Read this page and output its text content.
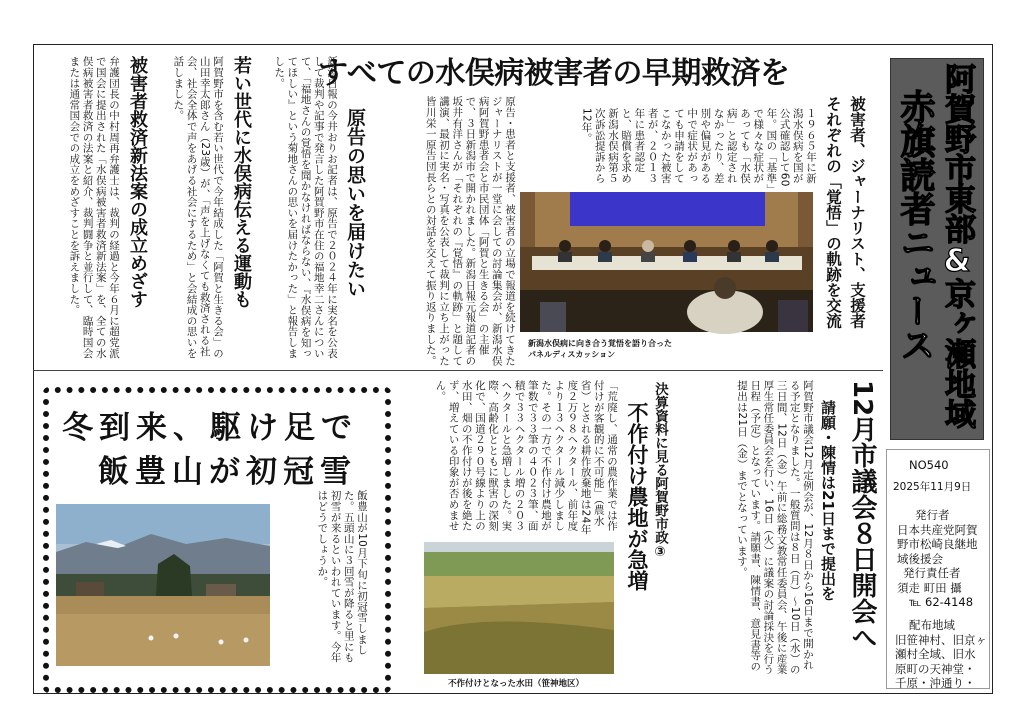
阿賀野市東部&京ヶ瀬地域
赤旗読者ニュース
NO540
2025年11月9日
発行者
日本共産党阿賀
野市松崎良継地
域後援会
発行責任者
須走 町田 攝
℡ 62-4148
配布地域
旧笹神村、旧京ヶ
瀬村全域、旧水
原町の天神堂・
千原・沖通り・
すべての水俣病被害者の早期救済を
被害者、ジャーナリスト、支援者
それぞれの「覚悟」の軌跡を交流
１９６５年に新潟水俣病を国が公式確認して60年。国の「基準」で様々な症状があっても「水俣病」と認定されなかったり、差別や偏見がある中で症状があっても申請をしてこなかった被害者が、２０１３年に患者認定と、賠償を求め新潟水俣病第５次訴訟提訴から12年。
原告・患者と支援者、被害者の立場で報道を続けてきたジャーナリストが一堂に会しての討論集会が、新潟水俣病阿賀野患者会と市民団体「阿賀と生きる会」の主催で、３日新潟市で開かれました。新潟日報元報道記者の坂井有洋さんが「それぞれの『覚悟』の軌跡」と題して講演、最初に実名・写真を公表して裁判に立ち上がった皆川栄一原告団長らとの対話を交えて振り返りました。	新潟水俣病に向き合う覚悟を語り合った
パネルディスカッション
原告の思いを届けたい
新潟日報の今井おりお記者は、原告で２０２４年に実名を公表して裁判や記事で発言した阿賀野市在住の福地幸二さんについて、「福地さんの覚悟を聞かなければならない、『水俣病を知ってほしい』という菊地さんの思いを届けたかった」と報告しました。
若い世代に水俣病伝える運動も
阿賀野市を含む若い世代で今年結成した「阿賀と生きる会」の山田幸太郎さん（23歳）が、「声を上げなくても救済される社会、社会全体で声をあげる社会にするため」と会結成の思いを話しました。
被害者救済新法案の成立めざす
弁護団長の中村周再弁護士は、裁判の経過と今年６月に超党派で国会に提出された「水俣病被害者救済新法案」を、全ての水俣病被害者救済の法案と紹介、裁判闘争と並行して、臨時国会または通常国会での成立をめざすことを訴えました。
12月市議会８日開会へ
請願・陳情は21日まで提出を
阿賀野市議会12月定例会が、12月８日から16日まで開かれる予定となりました。一般質問は８日（月）～10日（水）の三日間、12日（金）午前に総務文教常任委員会、午後に産業厚生常任委員会を行い、16日（火）に議案の討論採決を行う日程（予定）となっています。請願書、陳情書、意見書等の提出は21日（金）までとなっています。
決算資料に見る阿賀野市政③
不作付け農地が急増
「荒廃し、通常の農作業では作付けが客観的に不可能」（農水省）とされる耕作放棄地は24年度２万９８ヘクタール、前年度より１３ヘクタール減少しました。その一方で不作付け農地が筆数で３３筆の４０２３筆、面積で３３ヘクタール増の２０３ヘクタールと急増しました。実際、高齢化とともに獣害の深刻化で、国道２９０号線より上の水田、畑の不作付けが後を絶たず、増えている印象が否めません。
不作付けとなった水田（笹神地区）
冬到来、駆け足で
飯豊山が初冠雪
飯豊山が10月下旬に初冠雪しました。五頭山に３回雪が降ると里にも初雪が来るといわれています。今年はどうでしょうか。
